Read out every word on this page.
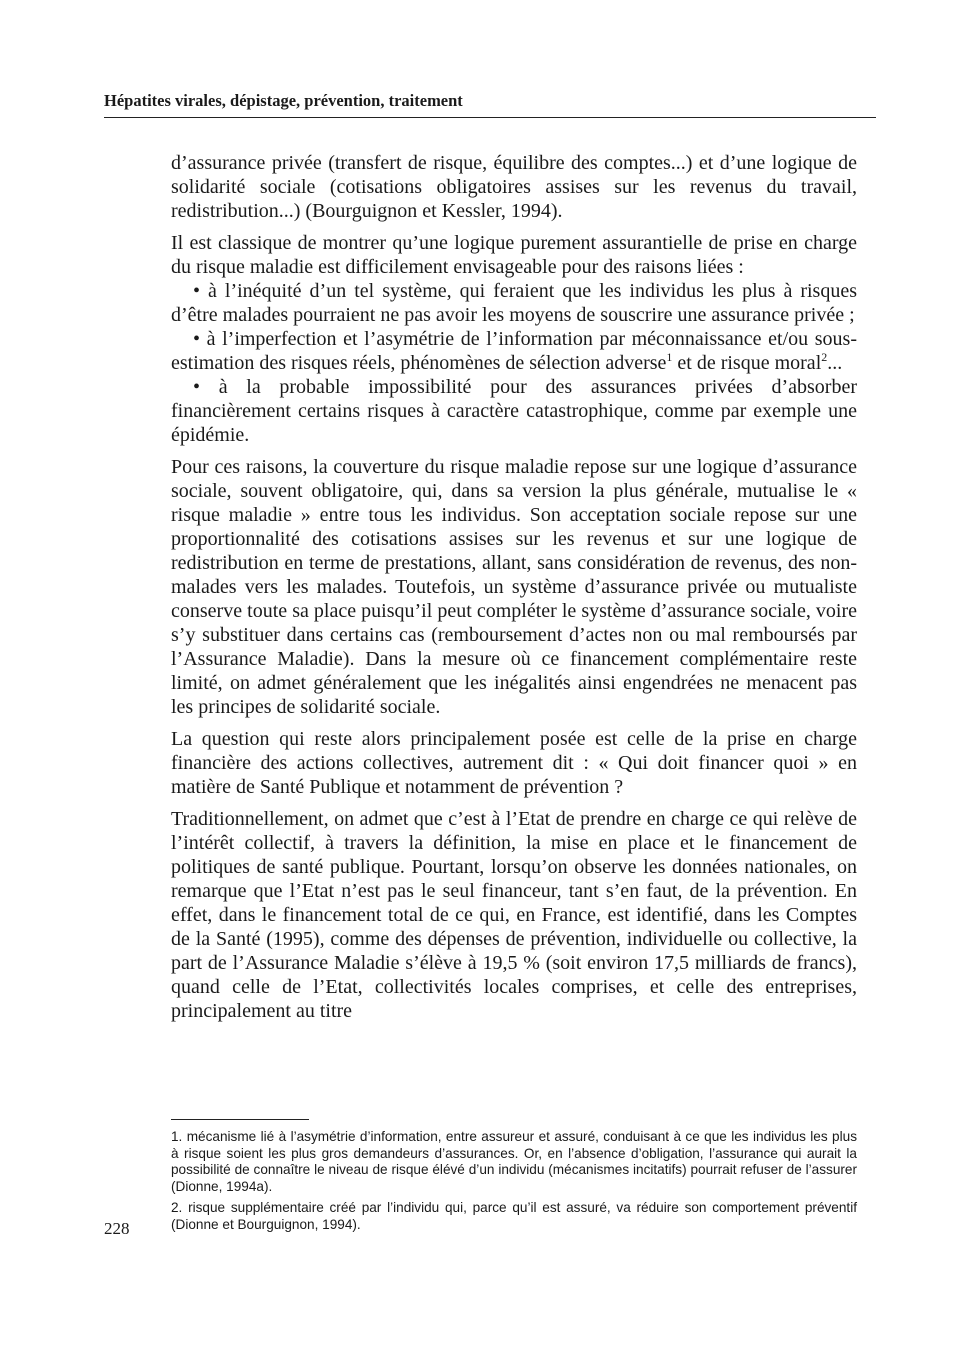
Hépatites virales, dépistage, prévention, traitement

d’assurance privée (transfert de risque, équilibre des comptes...) et d’une logique de solidarité sociale (cotisations obligatoires assises sur les revenus du travail, redistribution...) (Bourguignon et Kessler, 1994).

Il est classique de montrer qu’une logique purement assurantielle de prise en charge du risque maladie est difficilement envisageable pour des raisons liées :

• à l’inéquité d’un tel système, qui feraient que les individus les plus à risques d’être malades pourraient ne pas avoir les moyens de souscrire une assurance privée ;

• à l’imperfection et l’asymétrie de l’information par méconnaissance et/ou sous-estimation des risques réels, phénomènes de sélection adverse$^1$ et de risque moral$^2$...

• à la probable impossibilité pour des assurances privées d’absorber financièrement certains risques à caractère catastrophique, comme par exemple une épidémie.

Pour ces raisons, la couverture du risque maladie repose sur une logique d’assurance sociale, souvent obligatoire, qui, dans sa version la plus générale, mutualise le « risque maladie » entre tous les individus. Son acceptation sociale repose sur une proportionnalité des cotisations assises sur les revenus et sur une logique de redistribution en terme de prestations, allant, sans considération de revenus, des non-malades vers les malades. Toutefois, un système d’assurance privée ou mutualiste conserve toute sa place puisqu’il peut compléter le système d’assurance sociale, voire s’y substituer dans certains cas (remboursement d’actes non ou mal remboursés par l’Assurance Maladie). Dans la mesure où ce financement complémentaire reste limité, on admet généralement que les inégalités ainsi engendrées ne menacent pas les principes de solidarité sociale.

La question qui reste alors principalement posée est celle de la prise en charge financière des actions collectives, autrement dit : « Qui doit financer quoi » en matière de Santé Publique et notamment de prévention ?

Traditionnellement, on admet que c’est à l’Etat de prendre en charge ce qui relève de l’intérêt collectif, à travers la définition, la mise en place et le financement de politiques de santé publique. Pourtant, lorsqu’on observe les données nationales, on remarque que l’Etat n’est pas le seul financeur, tant s’en faut, de la prévention. En effet, dans le financement total de ce qui, en France, est identifié, dans les Comptes de la Santé (1995), comme des dépenses de prévention, individuelle ou collective, la part de l’Assurance Maladie s’élève à 19,5 % (soit environ 17,5 milliards de francs), quand celle de l’Etat, collectivités locales comprises, et celle des entreprises, principalement au titre

1. mécanisme lié à l’asymétrie d’information, entre assureur et assuré, conduisant à ce que les individus les plus à risque soient les plus gros demandeurs d’assurances. Or, en l’absence d’obligation, l’assurance qui aurait la possibilité de connaître le niveau de risque élévé d’un individu (mécanismes incitatifs) pourrait refuser de l’assurer (Dionne, 1994a).

2. risque supplémentaire créé par l’individu qui, parce qu’il est assuré, va réduire son comportement préventif (Dionne et Bourguignon, 1994).

228
